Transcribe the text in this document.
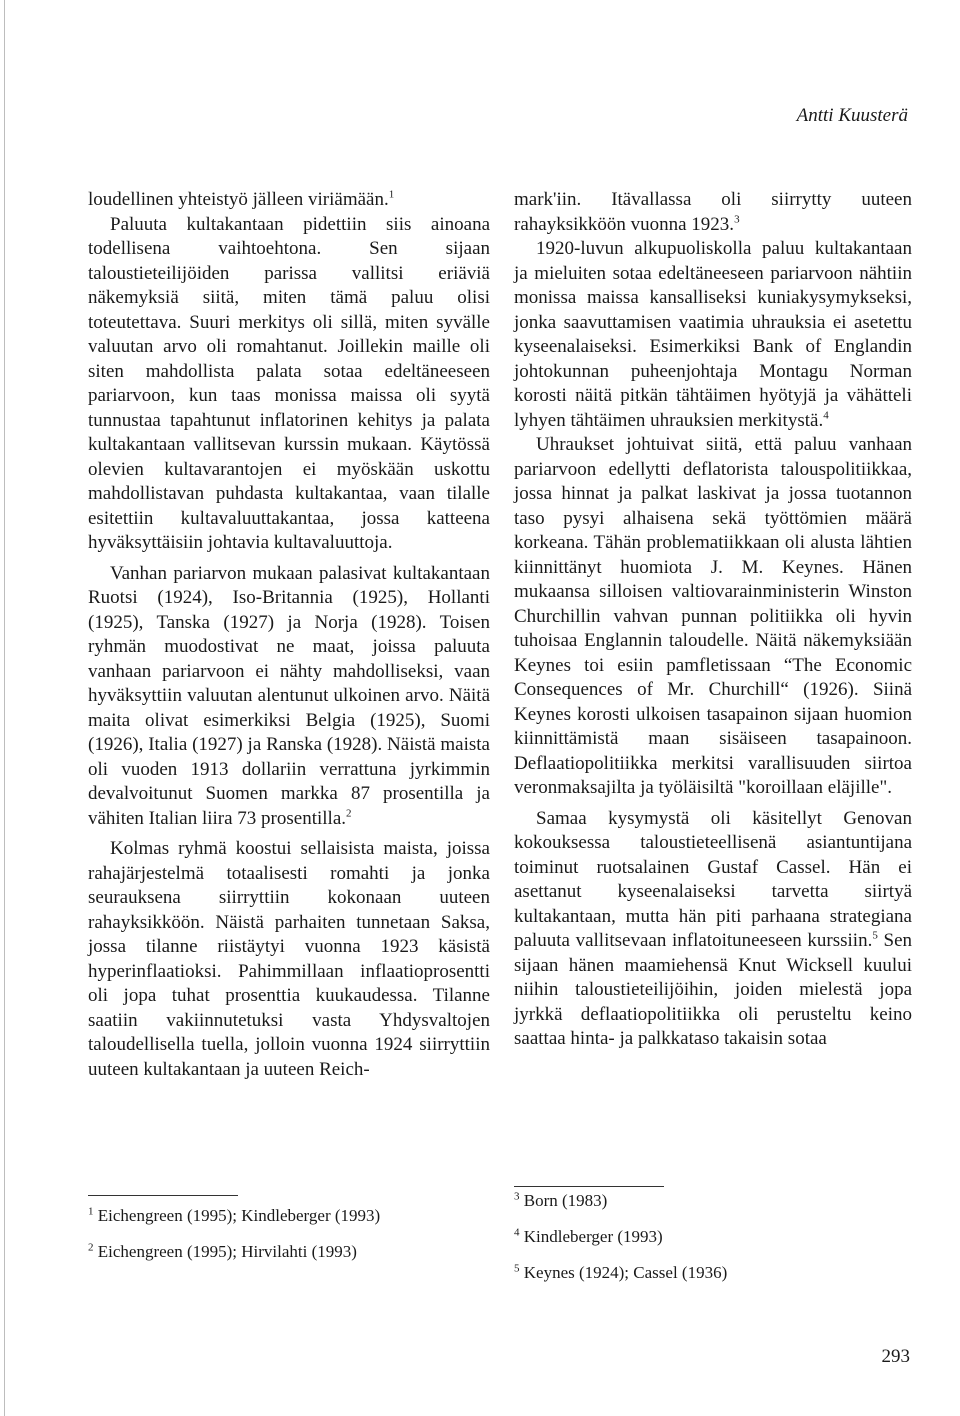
Antti Kuusterä

loudellinen yhteistyö jälleen viriämään.$^1$

Paluuta kultakantaan pidettiin siis ainoana todellisena vaihtoehtona. Sen sijaan taloustieteilijöiden parissa vallitsi eriäviä näkemyksiä siitä, miten tämä paluu olisi toteutettava. Suuri merkitys oli sillä, miten syvälle valuutan arvo oli romahtanut. Joillekin maille oli siten mahdollista palata sotaa edeltäneeseen pariarvoon, kun taas monissa maissa oli syytä tunnustaa tapahtunut inflatorinen kehitys ja palata kultakantaan vallitsevan kurssin mukaan. Käytössä olevien kultavarantojen ei myöskään uskottu mahdollistavan puhdasta kultakantaa, vaan tilalle esitettiin kultavaluuttakantaa, jossa katteena hyväksyttäisiin johtavia kultavaluuttoja.

Vanhan pariarvon mukaan palasivat kultakantaan Ruotsi (1924), Iso-Britannia (1925), Hollanti (1925), Tanska (1927) ja Norja (1928). Toisen ryhmän muodostivat ne maat, joissa paluuta vanhaan pariarvoon ei nähty mahdolliseksi, vaan hyväksyttiin valuutan alentunut ulkoinen arvo. Näitä maita olivat esimerkiksi Belgia (1925), Suomi (1926), Italia (1927) ja Ranska (1928). Näistä maista oli vuoden 1913 dollariin verrattuna jyrkimmin devalvoitunut Suomen markka 87 prosentilla ja vähiten Italian liira 73 prosentilla.$^2$

Kolmas ryhmä koostui sellaisista maista, joissa rahajärjestelmä totaalisesti romahti ja jonka seurauksena siirryttiin kokonaan uuteen rahayksikköön. Näistä parhaiten tunnetaan Saksa, jossa tilanne riistäytyi vuonna 1923 käsistä hyperinflaatioksi. Pahimmillaan inflaatioprosentti oli jopa tuhat prosenttia kuukaudessa. Tilanne saatiin vakiinnutetuksi vasta Yhdysvaltojen taloudellisella tuella, jolloin vuonna 1924 siirryttiin uuteen kultakantaan ja uuteen Reich-

mark'iin. Itävallassa oli siirrytty uuteen rahayksikköön vuonna 1923.$^3$

1920-luvun alkupuoliskolla paluu kultakantaan ja mieluiten sotaa edeltäneeseen pariarvoon nähtiin monissa maissa kansalliseksi kuniakysymykseksi, jonka saavuttamisen vaatimia uhrauksia ei asetettu kyseenalaiseksi. Esimerkiksi Bank of Englandin johtokunnan puheenjohtaja Montagu Norman korosti näitä pitkän tähtäimen hyötyjä ja vähätteli lyhyen tähtäimen uhrauksien merkitystä.$^4$

Uhraukset johtuivat siitä, että paluu vanhaan pariarvoon edellytti deflatorista talouspolitiikkaa, jossa hinnat ja palkat laskivat ja jossa tuotannon taso pysyi alhaisena sekä työttömien määrä korkeana. Tähän problematiikkaan oli alusta lähtien kiinnittänyt huomiota J. M. Keynes. Hänen mukaansa silloisen valtiovarainministerin Winston Churchillin vahvan punnan politiikka oli hyvin tuhoisaa Englannin taloudelle. Näitä näkemyksiään Keynes toi esiin pamfletissaan “The Economic Consequences of Mr. Churchill“ (1926). Siinä Keynes korosti ulkoisen tasapainon sijaan huomion kiinnittämistä maan sisäiseen tasapainoon. Deflaatiopolitiikka merkitsi varallisuuden siirtoa veronmaksajilta ja työläisiltä "koroillaan eläjille".

Samaa kysymystä oli käsitellyt Genovan kokouksessa taloustieteellisenä asiantuntijana toiminut ruotsalainen Gustaf Cassel. Hän ei asettanut kyseenalaiseksi tarvetta siirtyä kultakantaan, mutta hän piti parhaana strategiana paluuta vallitsevaan inflatoituneeseen kurssiin.$^5$ Sen sijaan hänen maamiehensä Knut Wicksell kuului niihin taloustieteilijöihin, joiden mielestä jopa jyrkkä deflaatiopolitiikka oli perusteltu keino saattaa hinta- ja palkkataso takaisin sotaa

$^1$ Eichengreen (1995); Kindleberger (1993)

$^2$ Eichengreen (1995); Hirvilahti (1993)

$^3$ Born (1983)

$^4$ Kindleberger (1993)

$^5$ Keynes (1924); Cassel (1936)

293
